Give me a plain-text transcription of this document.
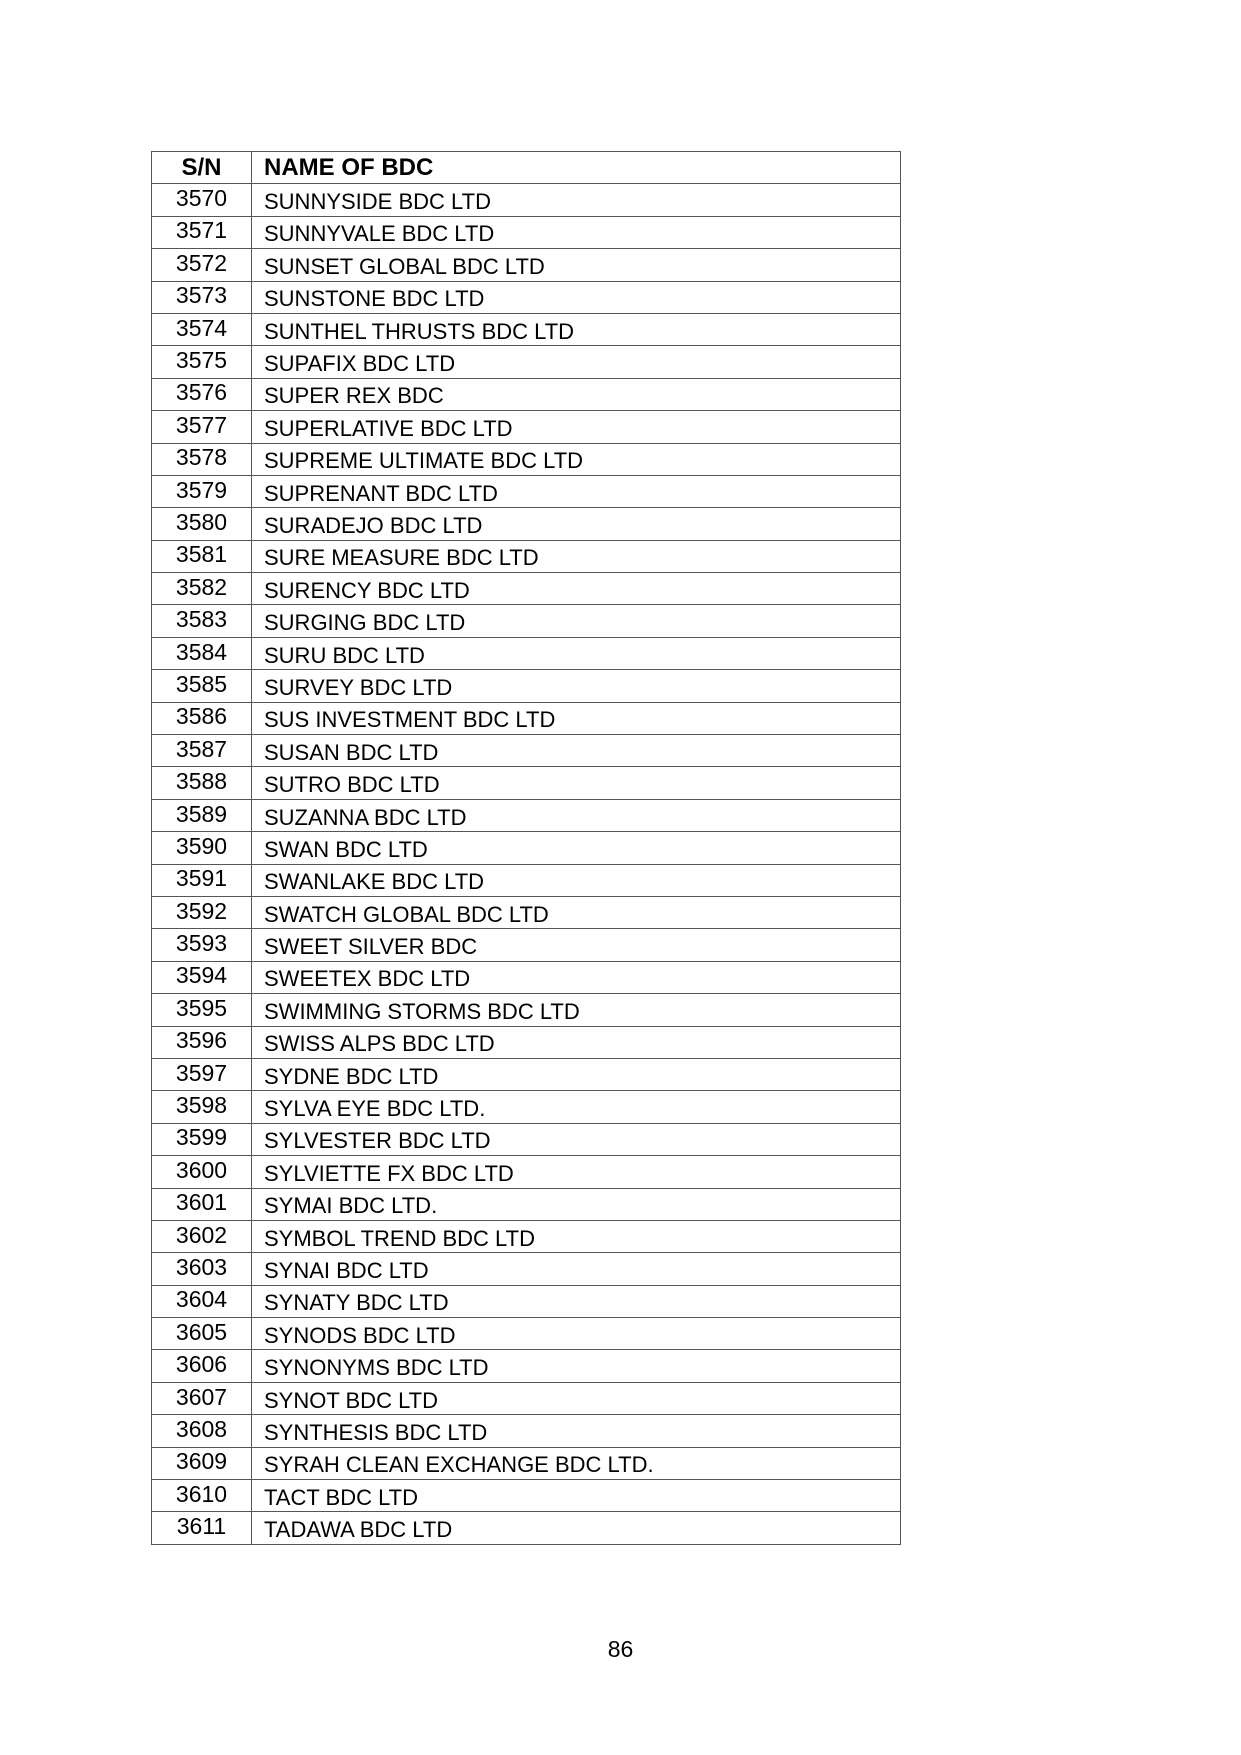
S/N	NAME OF BDC
3570	SUNNYSIDE BDC LTD
3571	SUNNYVALE BDC LTD
3572	SUNSET GLOBAL BDC LTD
3573	SUNSTONE BDC LTD
3574	SUNTHEL THRUSTS BDC LTD
3575	SUPAFIX BDC LTD
3576	SUPER REX BDC
3577	SUPERLATIVE BDC LTD
3578	SUPREME ULTIMATE BDC LTD
3579	SUPRENANT BDC LTD
3580	SURADEJO BDC LTD
3581	SURE MEASURE BDC LTD
3582	SURENCY BDC LTD
3583	SURGING BDC LTD
3584	SURU BDC LTD
3585	SURVEY BDC LTD
3586	SUS INVESTMENT BDC LTD
3587	SUSAN BDC LTD
3588	SUTRO BDC LTD
3589	SUZANNA BDC LTD
3590	SWAN BDC LTD
3591	SWANLAKE BDC LTD
3592	SWATCH GLOBAL BDC LTD
3593	SWEET SILVER BDC
3594	SWEETEX BDC LTD
3595	SWIMMING STORMS BDC LTD
3596	SWISS ALPS BDC LTD
3597	SYDNE BDC LTD
3598	SYLVA EYE BDC LTD.
3599	SYLVESTER BDC LTD
3600	SYLVIETTE FX BDC LTD
3601	SYMAI BDC LTD.
3602	SYMBOL TREND BDC LTD
3603	SYNAI BDC LTD
3604	SYNATY BDC LTD
3605	SYNODS BDC LTD
3606	SYNONYMS BDC LTD
3607	SYNOT BDC LTD
3608	SYNTHESIS BDC LTD
3609	SYRAH CLEAN EXCHANGE BDC LTD.
3610	TACT BDC LTD
3611	TADAWA BDC LTD
86
